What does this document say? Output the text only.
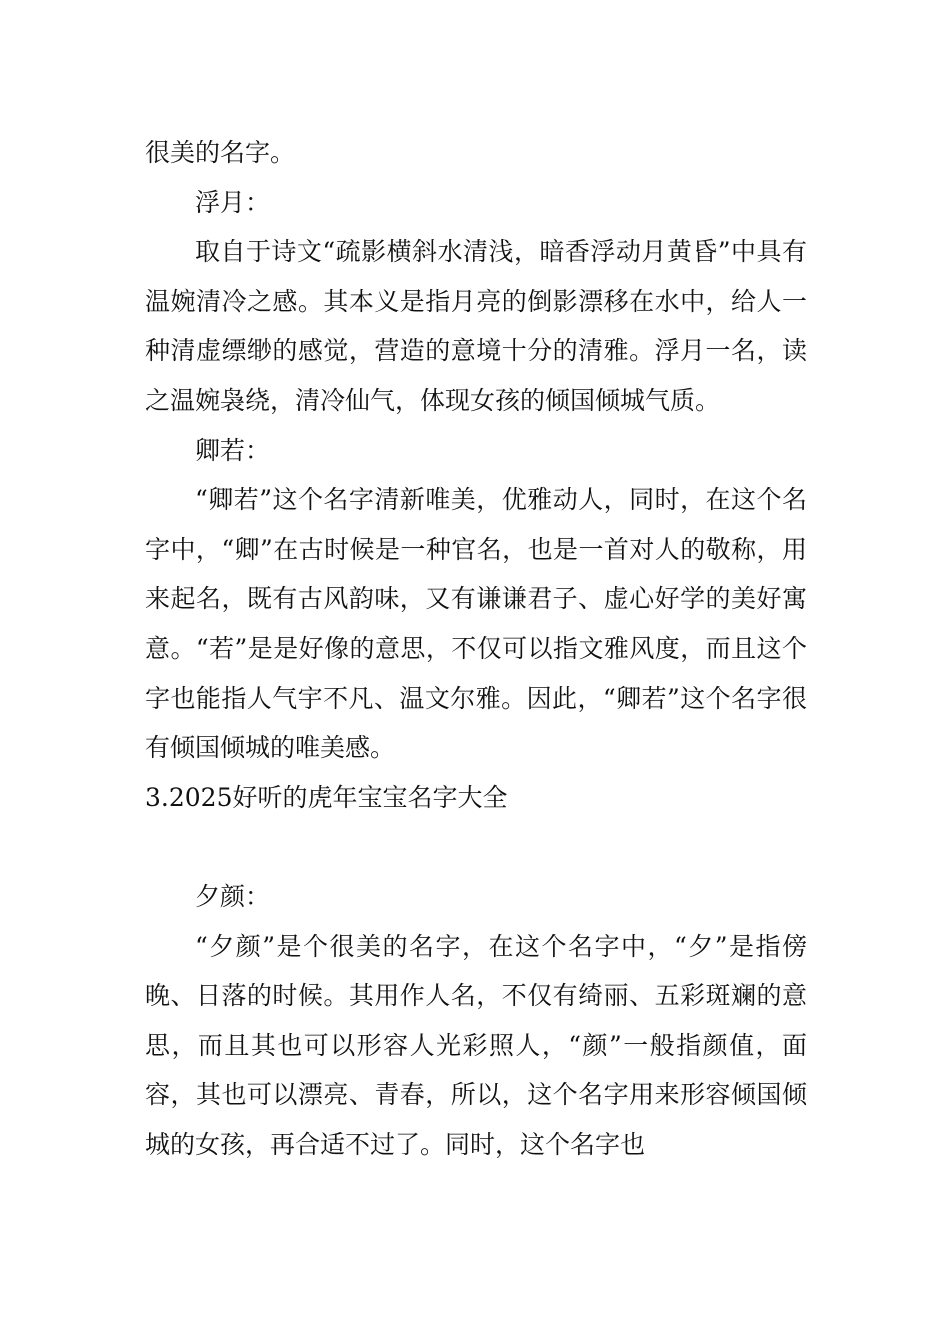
很美的名字。

浮月：

取自于诗文“疏影横斜水清浅，暗香浮动月黄昏”中具有温婉清冷之感。其本义是指月亮的倒影漂移在水中，给人一种清虚缥缈的感觉，营造的意境十分的清雅。浮月一名，读之温婉袅绕，清冷仙气，体现女孩的倾国倾城气质。

卿若：

“卿若”这个名字清新唯美，优雅动人，同时，在这个名字中，“卿”在古时候是一种官名，也是一首对人的敬称，用来起名，既有古风韵味，又有谦谦君子、虚心好学的美好寓意。“若”是是好像的意思，不仅可以指文雅风度，而且这个字也能指人气宇不凡、温文尔雅。因此，“卿若”这个名字很有倾国倾城的唯美感。

3.2025好听的虎年宝宝名字大全

夕颜：

“夕颜”是个很美的名字，在这个名字中，“夕”是指傍晚、日落的时候。其用作人名，不仅有绮丽、五彩斑斓的意思，而且其也可以形容人光彩照人，“颜”一般指颜值，面容，其也可以漂亮、青春，所以，这个名字用来形容倾国倾城的女孩，再合适不过了。同时，这个名字也
